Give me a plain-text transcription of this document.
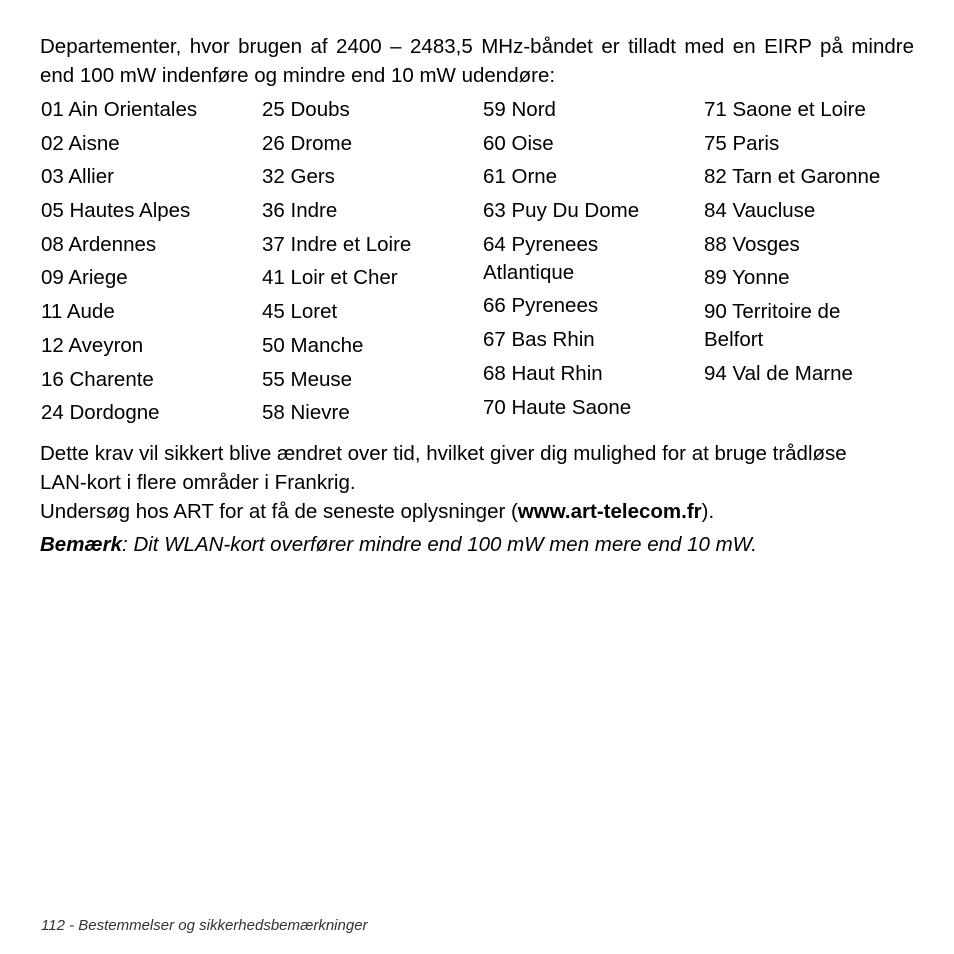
Departementer, hvor brugen af 2400 – 2483,5 MHz-båndet er tilladt med en EIRP på mindre end 100 mW indenføre og mindre end 10 mW udendøre:

01 Ain Orientales
02 Aisne
03 Allier
05 Hautes Alpes
08 Ardennes
09 Ariege
11 Aude
12 Aveyron
16 Charente
24 Dordogne
25 Doubs
26 Drome
32 Gers
36 Indre
37 Indre et Loire
41 Loir et Cher
45 Loret
50 Manche
55 Meuse
58 Nievre
59 Nord
60 Oise
61 Orne
63 Puy Du Dome
64 Pyrenees
Atlantique
66 Pyrenees
67 Bas Rhin
68 Haut Rhin
70 Haute Saone
71 Saone et Loire
75 Paris
82 Tarn et Garonne
84 Vaucluse
88 Vosges
89 Yonne
90 Territoire de
Belfort
94 Val de Marne

Dette krav vil sikkert blive ændret over tid, hvilket giver dig mulighed for at bruge trådløse
LAN-kort i flere områder i Frankrig.
Undersøg hos ART for at få de seneste oplysninger (www.art-telecom.fr).

Bemærk: Dit WLAN-kort overfører mindre end 100 mW men mere end 10 mW.
112 - Bestemmelser og sikkerhedsbemærkninger
